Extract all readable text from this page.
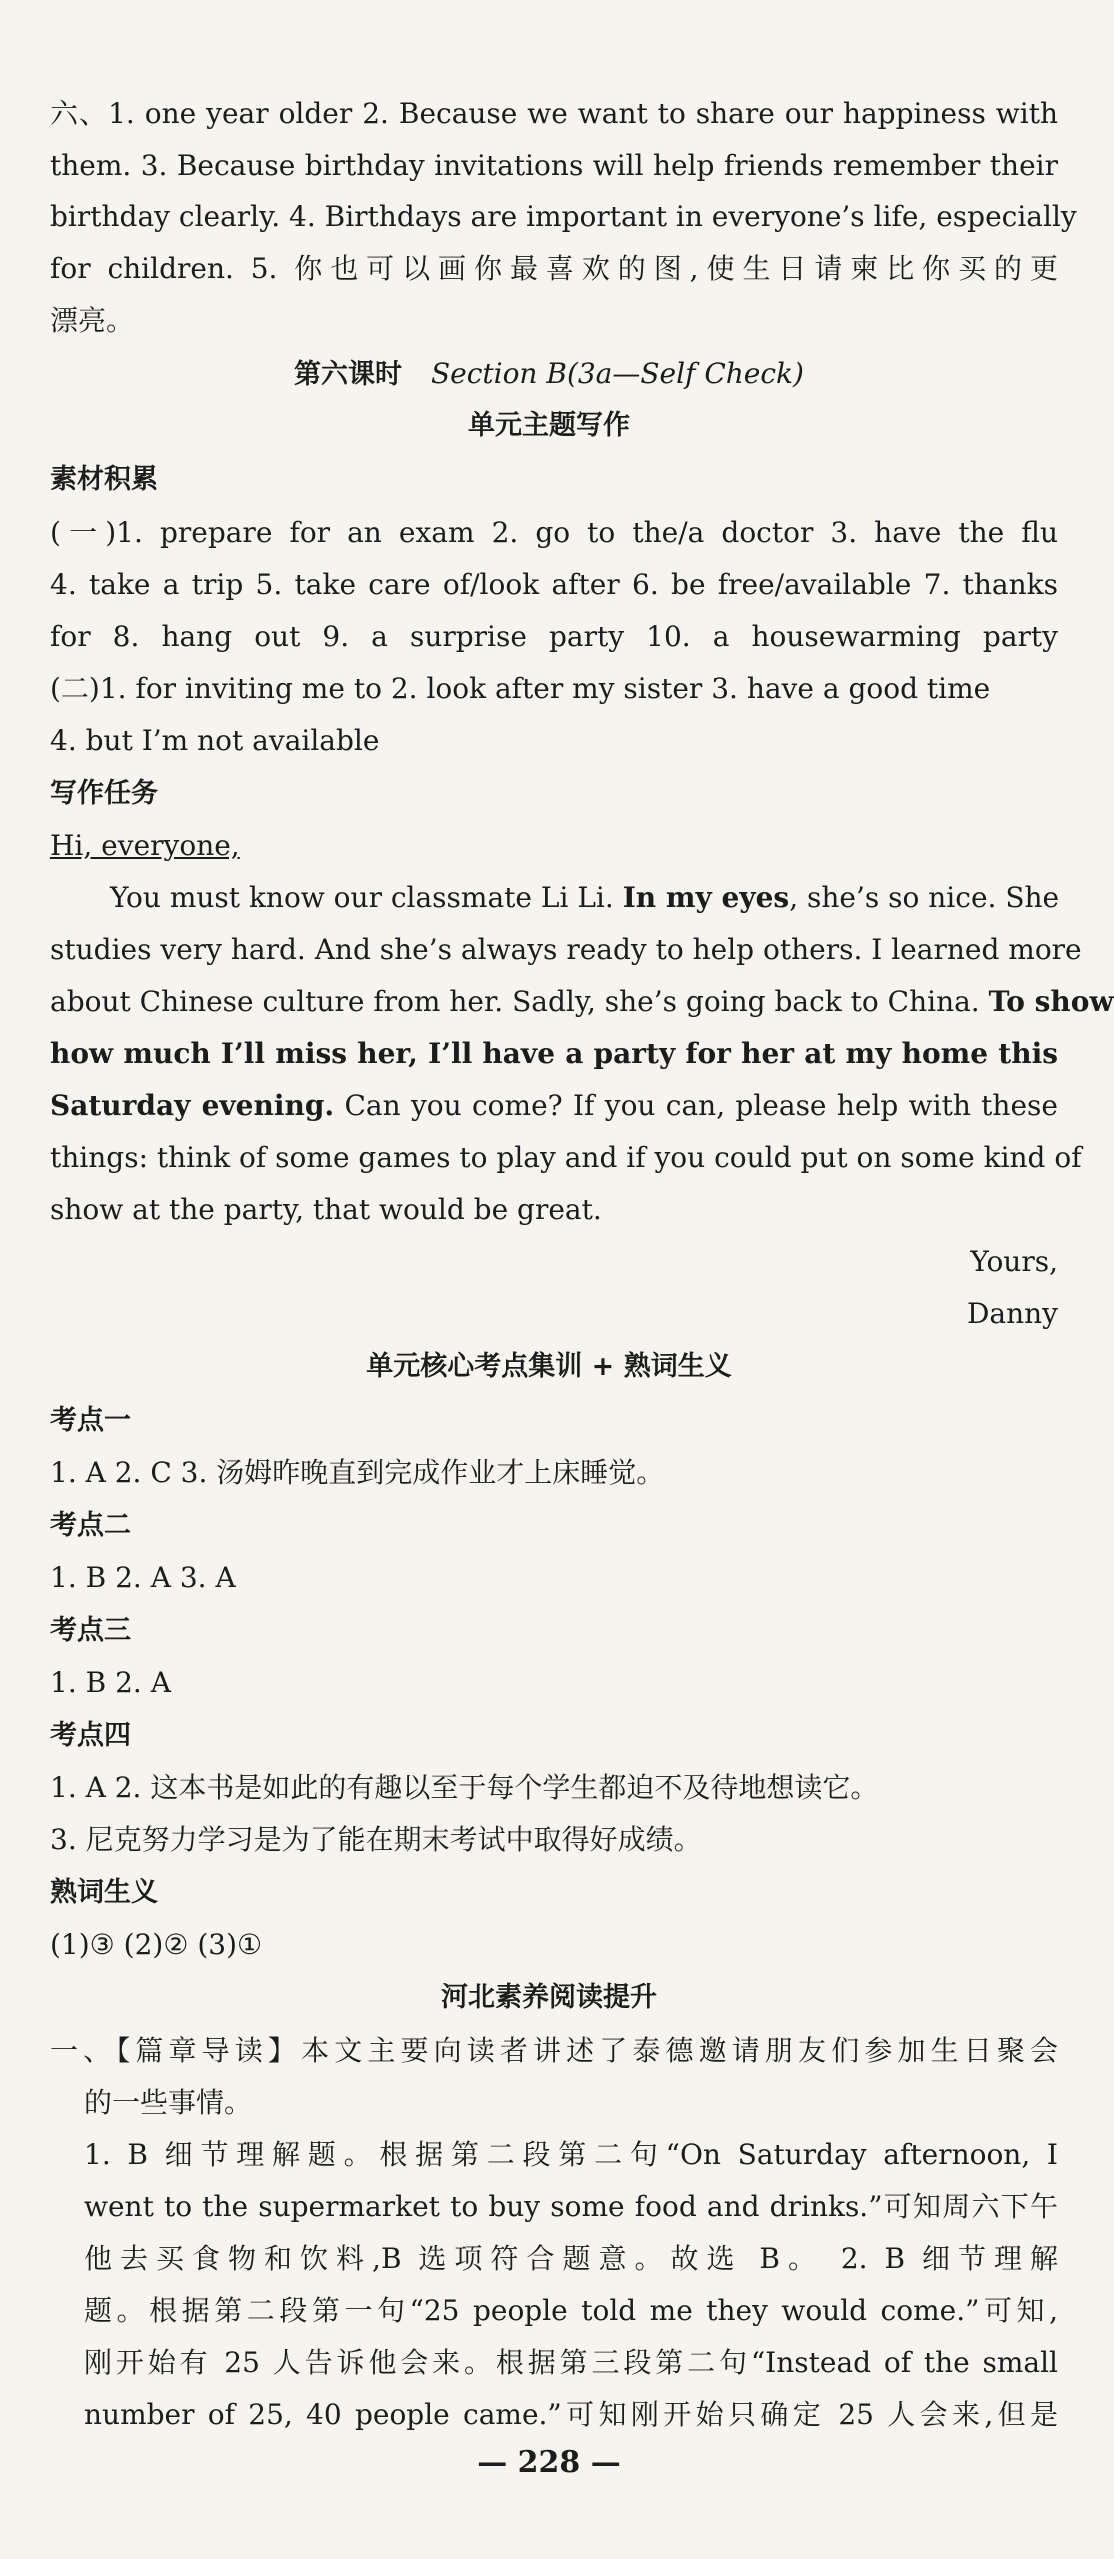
六、1. one year older 2. Because we want to share our happiness with
them. 3. Because birthday invitations will help friends remember their
birthday clearly. 4. Birthdays are important in everyone’s life, especially
for children. 5. 你也可以画你最喜欢的图,使生日请柬比你买的更
漂亮。
第六课时 Section B(3a—Self Check)
单元主题写作
素材积累
(一)1. prepare for an exam 2. go to the/a doctor 3. have the flu
4. take a trip 5. take care of/look after 6. be free/available 7. thanks
for 8. hang out 9. a surprise party 10. a housewarming party
(二)1. for inviting me to 2. look after my sister 3. have a good time
4. but I’m not available
写作任务
Hi, everyone,
You must know our classmate Li Li. In my eyes, she’s so nice. She
studies very hard. And she’s always ready to help others. I learned more
about Chinese culture from her. Sadly, she’s going back to China. To show
how much I’ll miss her, I’ll have a party for her at my home this
Saturday evening. Can you come? If you can, please help with these
things: think of some games to play and if you could put on some kind of
show at the party, that would be great.
Yours,
Danny
单元核心考点集训 + 熟词生义
考点一
1. A 2. C 3. 汤姆昨晚直到完成作业才上床睡觉。
考点二
1. B 2. A 3. A
考点三
1. B 2. A
考点四
1. A 2. 这本书是如此的有趣以至于每个学生都迫不及待地想读它。
3. 尼克努力学习是为了能在期末考试中取得好成绩。
熟词生义
(1)③ (2)② (3)①
河北素养阅读提升
一、【篇章导读】本文主要向读者讲述了泰德邀请朋友们参加生日聚会
的一些事情。
1. B 细节理解题。根据第二段第二句“On Saturday afternoon, I
went to the supermarket to buy some food and drinks.”可知周六下午
他去买食物和饮料,B 选项符合题意。故选 B。 2. B 细节理解
题。根据第二段第一句“25 people told me they would come.”可知,
刚开始有 25 人告诉他会来。根据第三段第二句“Instead of the small
number of 25, 40 people came.”可知刚开始只确定 25 人会来,但是
— 228 —
